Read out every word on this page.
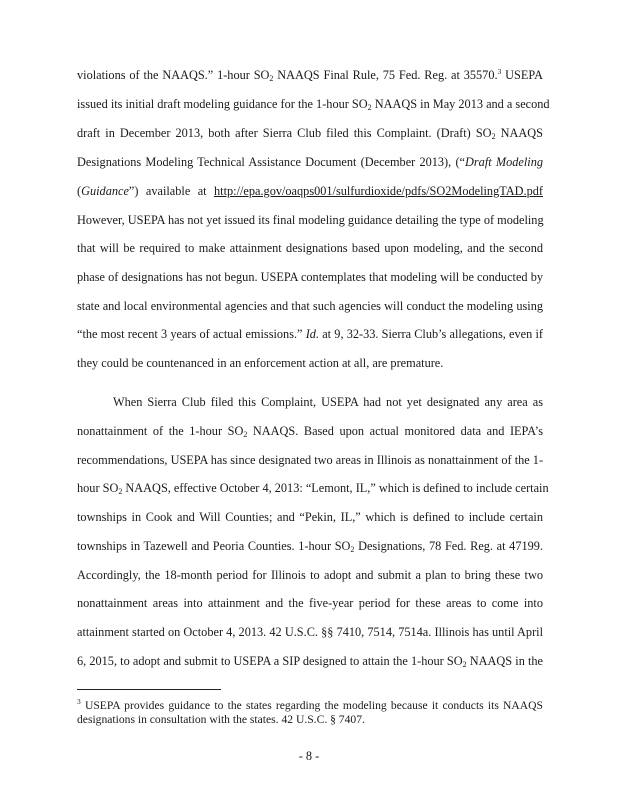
violations of the NAAQS.” 1-hour $SO_2$ NAAQS Final Rule, 75 Fed. Reg. at 35570.$^3$ USEPA
issued its initial draft modeling guidance for the 1-hour $SO_2$ NAAQS in May 2013 and a second
draft in December 2013, both after Sierra Club filed this Complaint. (Draft) $SO_2$ NAAQS
Designations Modeling Technical Assistance Document (December 2013), (“Draft Modeling
(Guidance”) available at http://epa.gov/oaqps001/sulfurdioxide/pdfs/SO2ModelingTAD.pdf
However, USEPA has not yet issued its final modeling guidance detailing the type of modeling
that will be required to make attainment designations based upon modeling, and the second
phase of designations has not begun. USEPA contemplates that modeling will be conducted by
state and local environmental agencies and that such agencies will conduct the modeling using
“the most recent 3 years of actual emissions.” Id. at 9, 32-33. Sierra Club’s allegations, even if
they could be countenanced in an enforcement action at all, are premature.
When Sierra Club filed this Complaint, USEPA had not yet designated any area as
nonattainment of the 1-hour $SO_2$ NAAQS. Based upon actual monitored data and IEPA’s
recommendations, USEPA has since designated two areas in Illinois as nonattainment of the 1-
hour $SO_2$ NAAQS, effective October 4, 2013: “Lemont, IL,” which is defined to include certain
townships in Cook and Will Counties; and “Pekin, IL,” which is defined to include certain
townships in Tazewell and Peoria Counties. 1-hour $SO_2$ Designations, 78 Fed. Reg. at 47199.
Accordingly, the 18-month period for Illinois to adopt and submit a plan to bring these two
nonattainment areas into attainment and the five-year period for these areas to come into
attainment started on October 4, 2013. 42 U.S.C. §§ 7410, 7514, 7514a. Illinois has until April
6, 2015, to adopt and submit to USEPA a SIP designed to attain the 1-hour $SO_2$ NAAQS in the
$^3$ USEPA provides guidance to the states regarding the modeling because it conducts its NAAQS
designations in consultation with the states. 42 U.S.C. § 7407.
- 8 -
